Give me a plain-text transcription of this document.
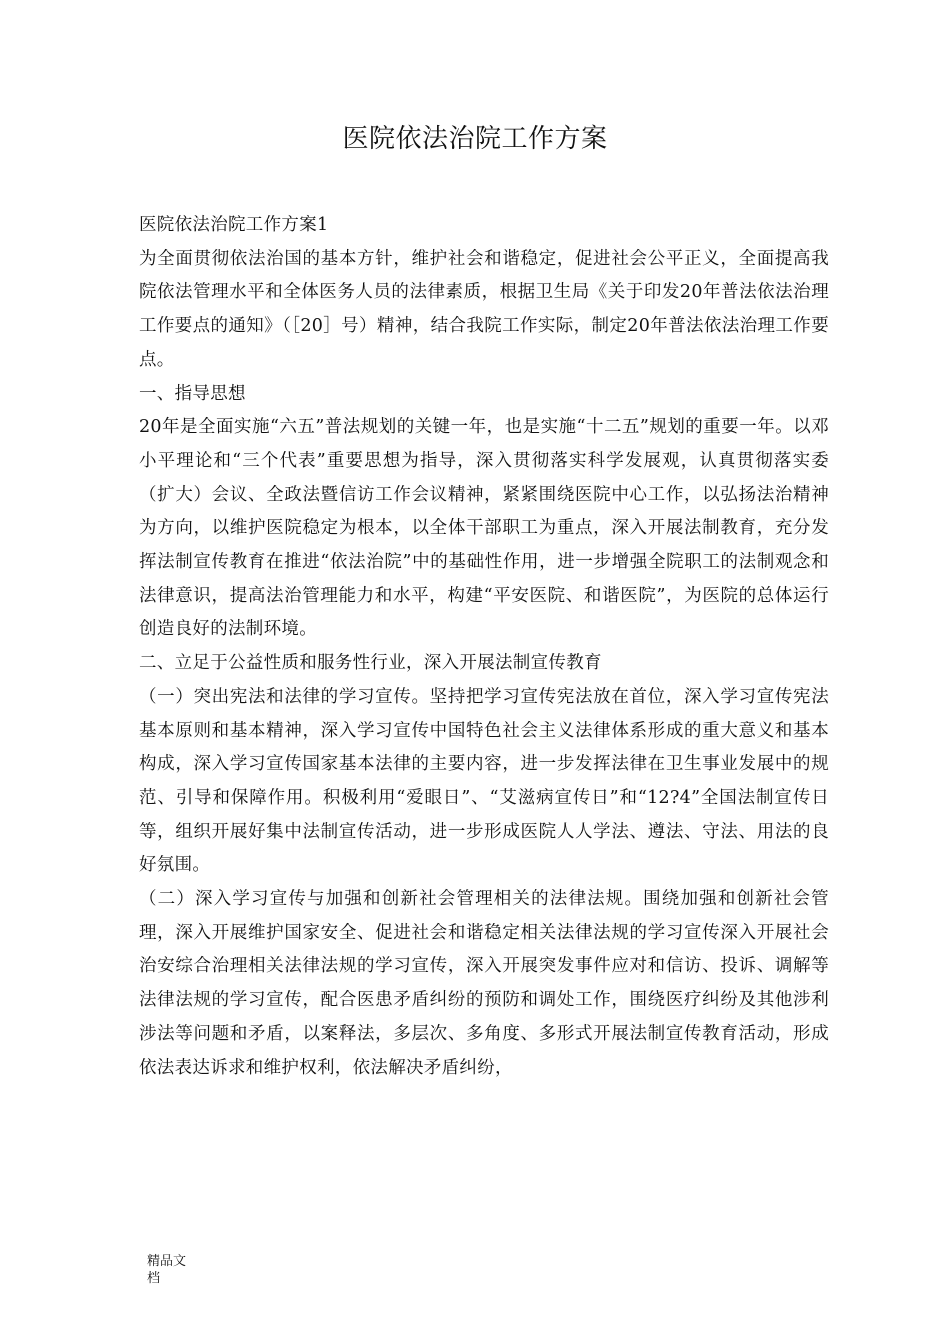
医院依法治院工作方案

医院依法治院工作方案1

为全面贯彻依法治国的基本方针，维护社会和谐稳定，促进社会公平正义，全面提高我院依法管理水平和全体医务人员的法律素质，根据卫生局《关于印发20年普法依法治理工作要点的通知》（［20］号）精神，结合我院工作实际，制定20年普法依法治理工作要点。

一、指导思想

20年是全面实施“六五”普法规划的关键一年，也是实施“十二五”规划的重要一年。以邓小平理论和“三个代表”重要思想为指导，深入贯彻落实科学发展观，认真贯彻落实委（扩大）会议、全政法暨信访工作会议精神，紧紧围绕医院中心工作，以弘扬法治精神为方向，以维护医院稳定为根本，以全体干部职工为重点，深入开展法制教育，充分发挥法制宣传教育在推进“依法治院”中的基础性作用，进一步增强全院职工的法制观念和法律意识，提高法治管理能力和水平，构建“平安医院、和谐医院”，为医院的总体运行创造良好的法制环境。

二、立足于公益性质和服务性行业，深入开展法制宣传教育

（一）突出宪法和法律的学习宣传。坚持把学习宣传宪法放在首位，深入学习宣传宪法基本原则和基本精神，深入学习宣传中国特色社会主义法律体系形成的重大意义和基本构成，深入学习宣传国家基本法律的主要内容，进一步发挥法律在卫生事业发展中的规范、引导和保障作用。积极利用“爱眼日”、“艾滋病宣传日”和“12?4”全国法制宣传日等，组织开展好集中法制宣传活动，进一步形成医院人人学法、遵法、守法、用法的良好氛围。

（二）深入学习宣传与加强和创新社会管理相关的法律法规。围绕加强和创新社会管理，深入开展维护国家安全、促进社会和谐稳定相关法律法规的学习宣传深入开展社会治安综合治理相关法律法规的学习宣传，深入开展突发事件应对和信访、投诉、调解等法律法规的学习宣传，配合医患矛盾纠纷的预防和调处工作，围绕医疗纠纷及其他涉利涉法等问题和矛盾，以案释法，多层次、多角度、多形式开展法制宣传教育活动，形成依法表达诉求和维护权利，依法解决矛盾纠纷，

精品文档
